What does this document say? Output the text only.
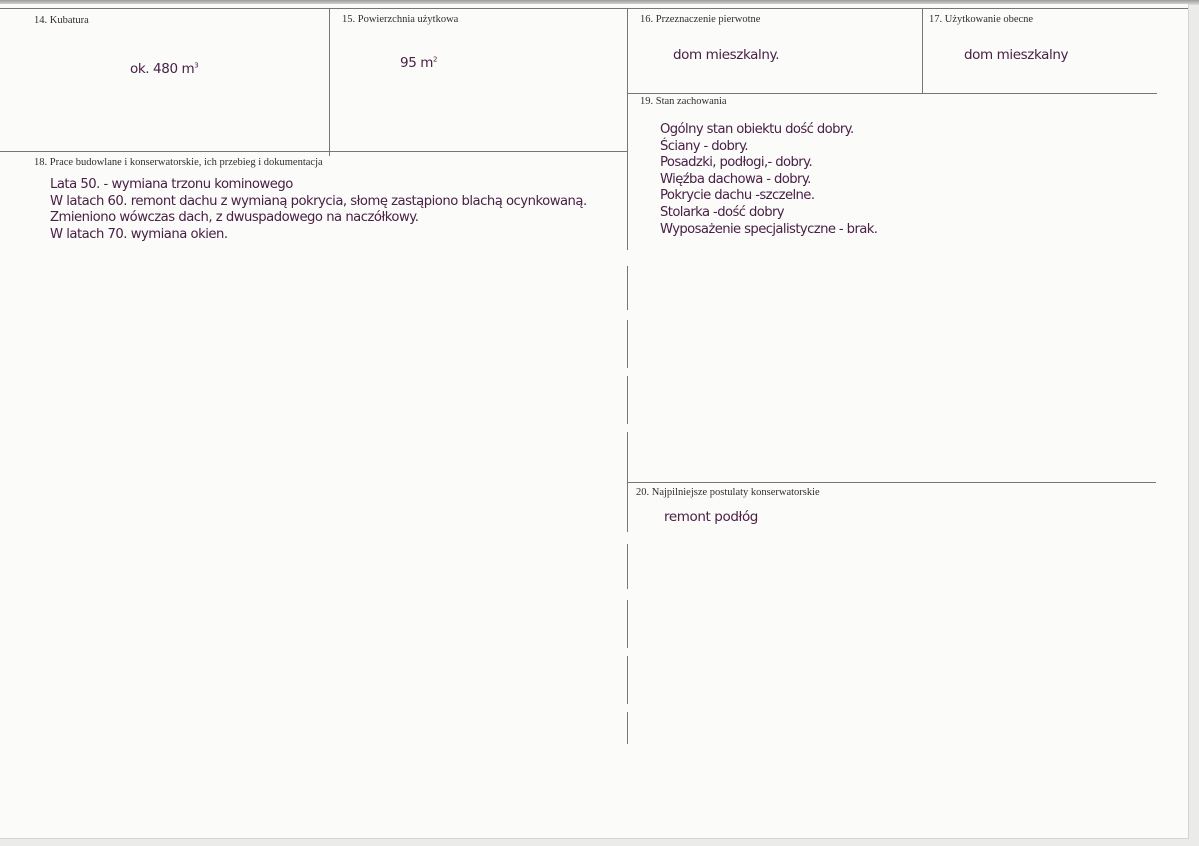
14. Kubatura
ok. 480 $m^3$
15. Powierzchnia użytkowa
95 $m^2$
16. Przeznaczenie pierwotne
dom mieszkalny.
17. Użytkowanie obecne
dom mieszkalny
18. Prace budowlane i konserwatorskie, ich przebieg i dokumentacja
Lata 50. - wymiana trzonu kominowego
W latach 60. remont dachu z wymianą pokrycia, słomę zastąpiono blachą ocynkowaną.
Zmieniono wówczas dach, z dwuspadowego na naczółkowy.
W latach 70. wymiana okien.
19. Stan zachowania
Ogólny stan obiektu dość dobry.
Ściany - dobry.
Posadzki, podłogi,- dobry.
Więźba dachowa - dobry.
Pokrycie dachu -szczelne.
Stolarka -dość dobry
Wyposażenie specjalistyczne - brak.
20. Najpilniejsze postulaty konserwatorskie
remont podłóg
